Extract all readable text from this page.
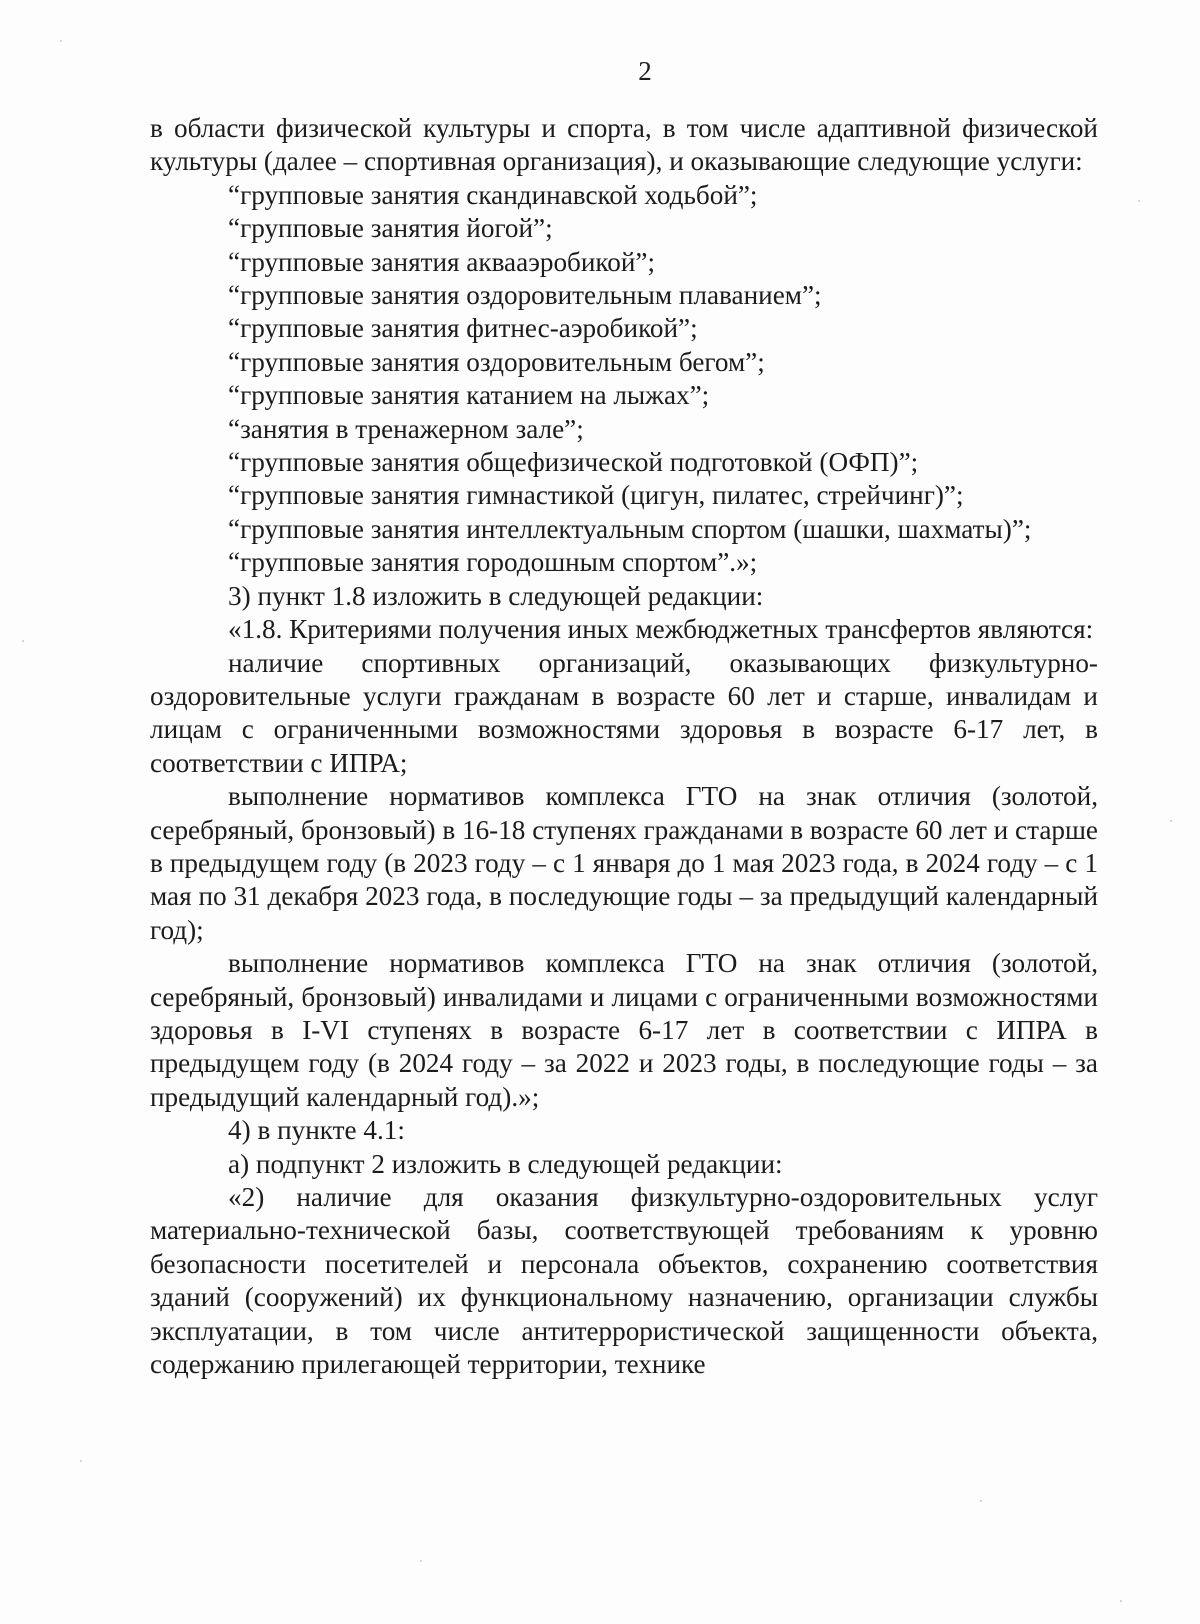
2

в области физической культуры и спорта, в том числе адаптивной физической культуры (далее – спортивная организация), и оказывающие следующие услуги:

“групповые занятия скандинавской ходьбой”;

“групповые занятия йогой”;

“групповые занятия аквааэробикой”;

“групповые занятия оздоровительным плаванием”;

“групповые занятия фитнес-аэробикой”;

“групповые занятия оздоровительным бегом”;

“групповые занятия катанием на лыжах”;

“занятия в тренажерном зале”;

“групповые занятия общефизической подготовкой (ОФП)”;

“групповые занятия гимнастикой (цигун, пилатес, стрейчинг)”;

“групповые занятия интеллектуальным спортом (шашки, шахматы)”;

“групповые занятия городошным спортом”.»;

3) пункт 1.8 изложить в следующей редакции:

«1.8. Критериями получения иных межбюджетных трансфертов являются:

наличие спортивных организаций, оказывающих физкультурно-оздоровительные услуги гражданам в возрасте 60 лет и старше, инвалидам и лицам с ограниченными возможностями здоровья в возрасте 6-17 лет, в соответствии с ИПРА;

выполнение нормативов комплекса ГТО на знак отличия (золотой, серебряный, бронзовый) в 16-18 ступенях гражданами в возрасте 60 лет и старше в предыдущем году (в 2023 году – с 1 января до 1 мая 2023 года, в 2024 году – с 1 мая по 31 декабря 2023 года, в последующие годы – за предыдущий календарный год);

выполнение нормативов комплекса ГТО на знак отличия (золотой, серебряный, бронзовый) инвалидами и лицами с ограниченными возможностями здоровья в I-VI ступенях в возрасте 6-17 лет в соответствии с ИПРА в предыдущем году (в 2024 году – за 2022 и 2023 годы, в последующие годы – за предыдущий календарный год).»;

4) в пункте 4.1:

а) подпункт 2 изложить в следующей редакции:

«2) наличие для оказания физкультурно-оздоровительных услуг материально-технической базы, соответствующей требованиям к уровню безопасности посетителей и персонала объектов, сохранению соответствия зданий (сооружений) их функциональному назначению, организации службы эксплуатации, в том числе антитеррористической защищенности объекта, содержанию прилегающей территории, технике
